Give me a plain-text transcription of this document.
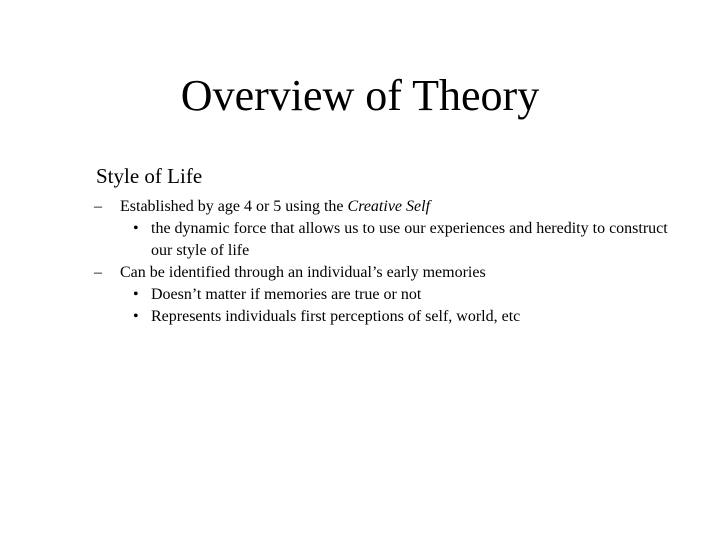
Overview of Theory

Style of Life

– Established by age 4 or 5 using the Creative Self

• the dynamic force that allows us to use our experiences and heredity to construct our style of life

– Can be identified through an individual’s early memories

• Doesn’t matter if memories are true or not

• Represents individuals first perceptions of self, world, etc
